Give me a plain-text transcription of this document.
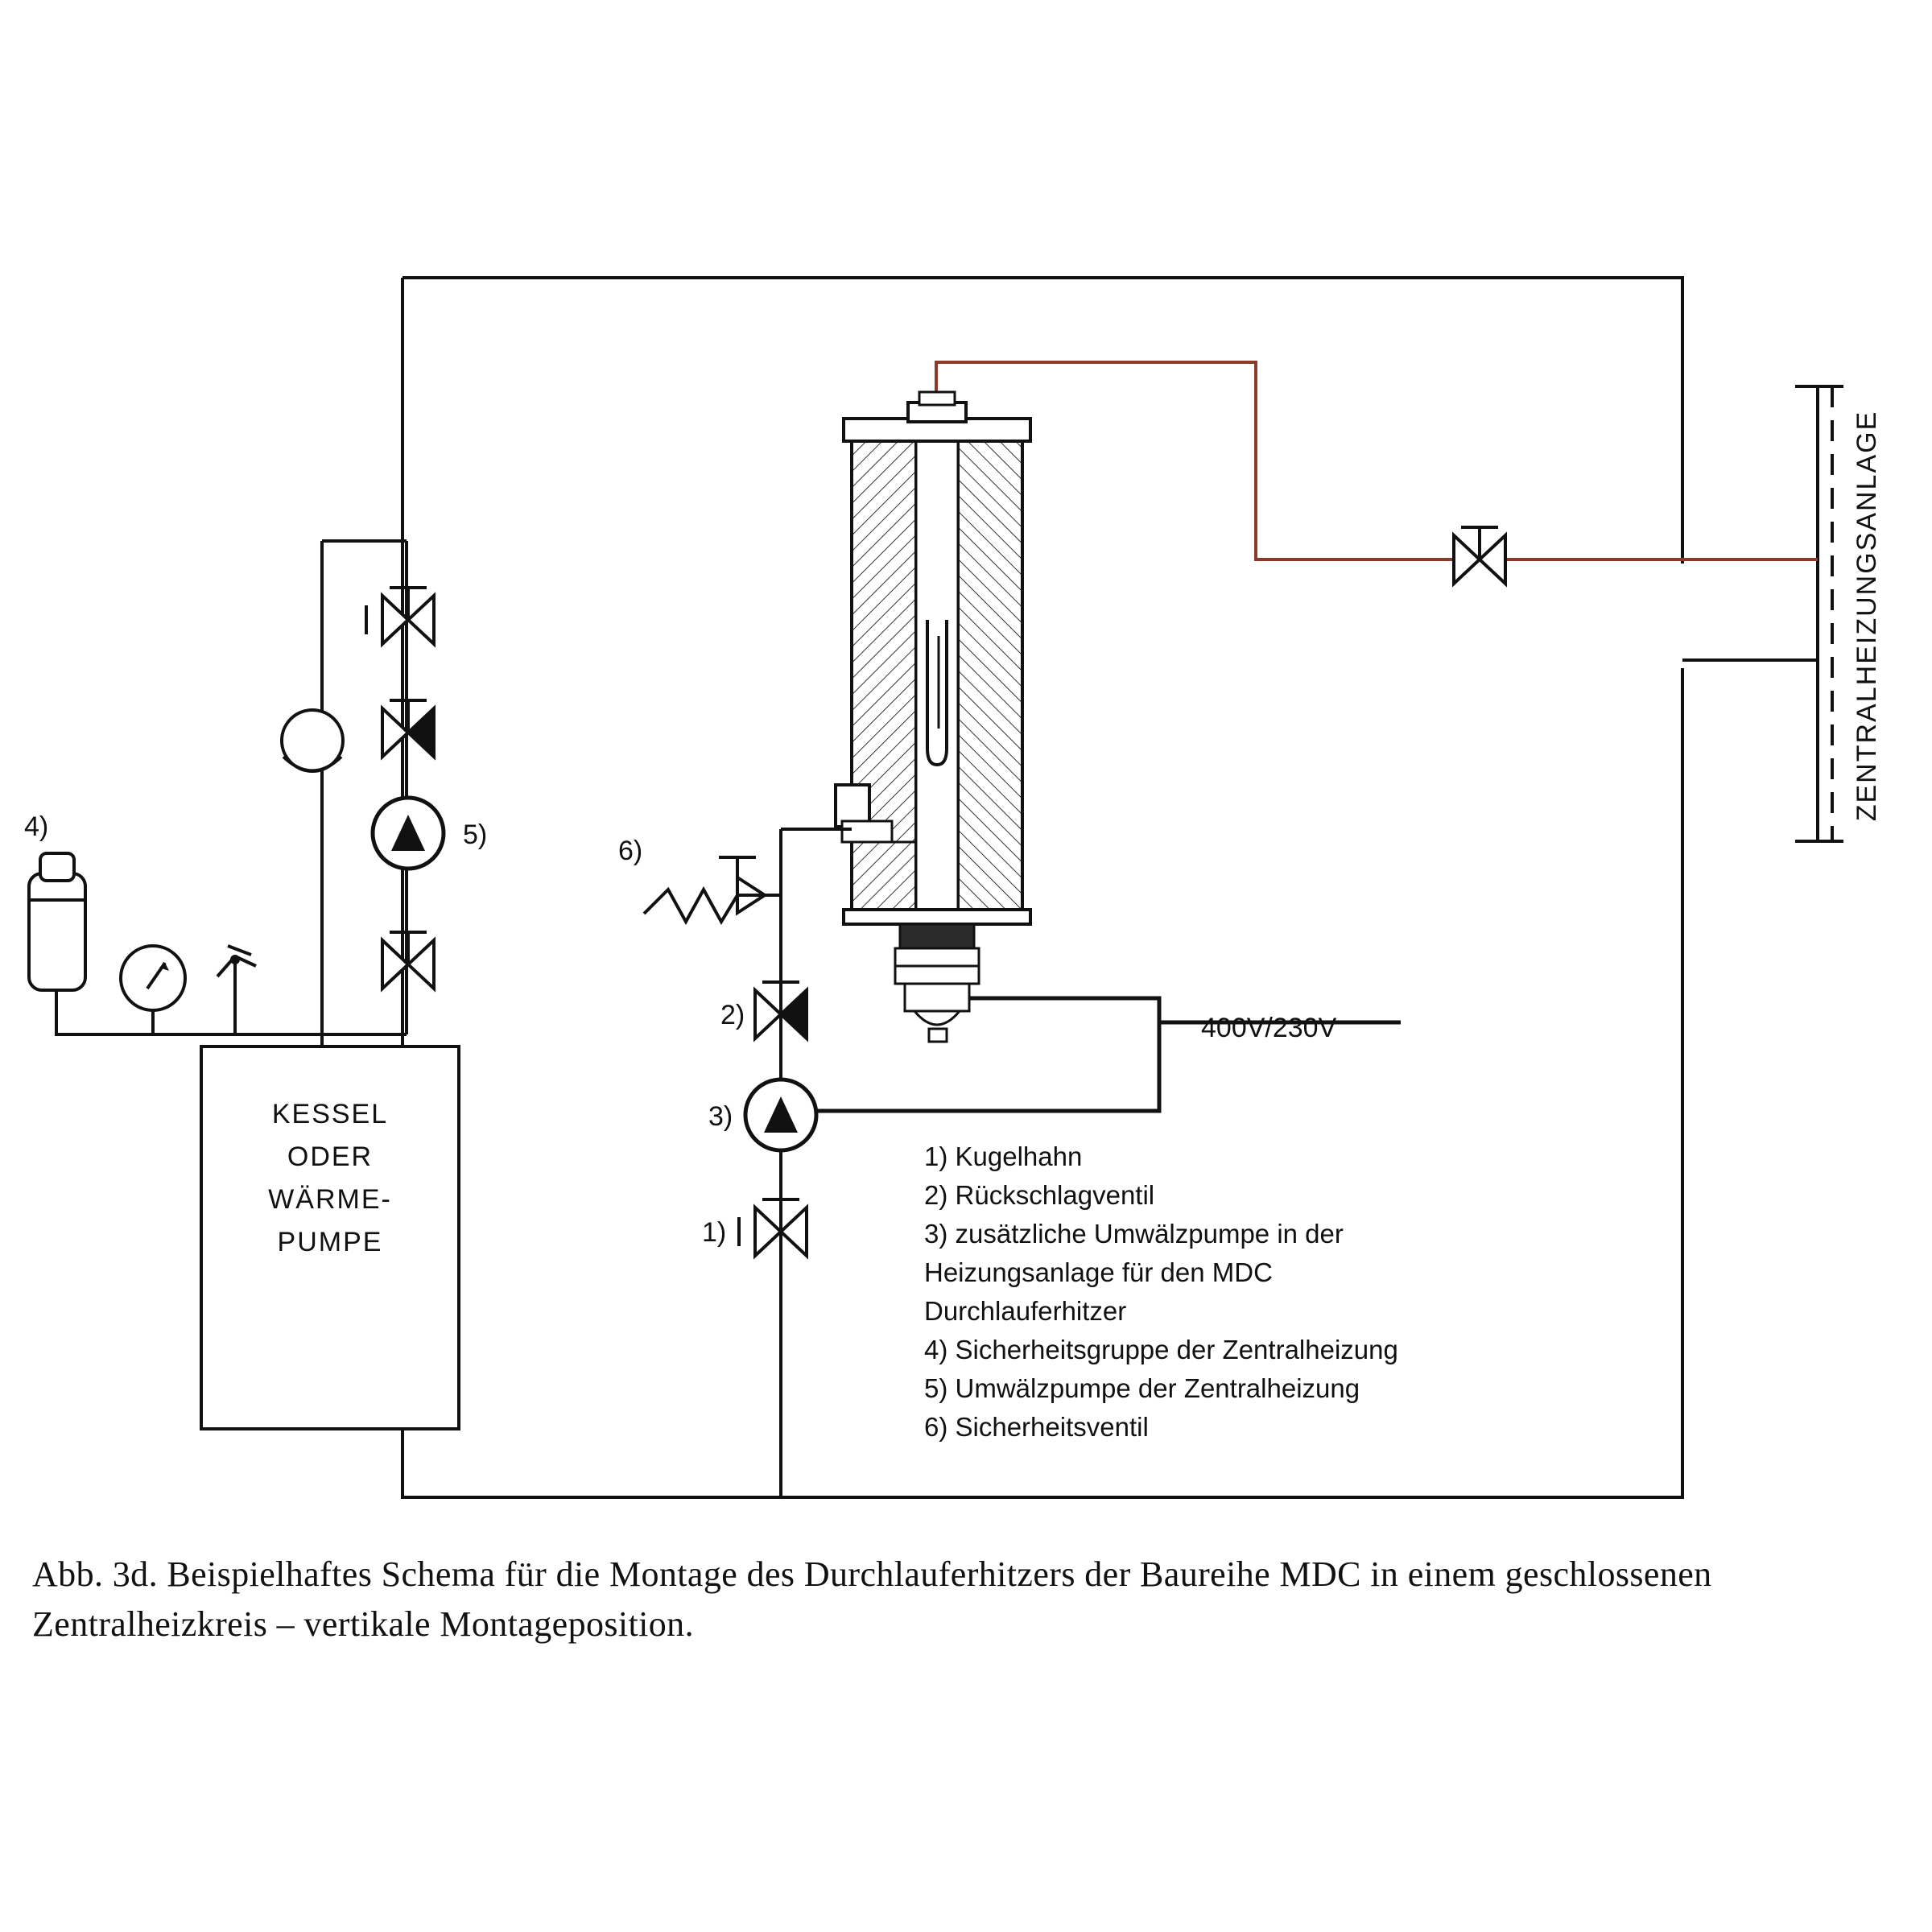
ZENTRALHEIZUNGSANLAGE
4)
KESSEL
ODER
WÄRME-
PUMPE
5)
400V/230V
6)
2)
3)
1)
1) Kugelhahn
2) Rückschlagventil
3) zusätzliche Umwälzpumpe in der
Heizungsanlage für den MDC
Durchlauferhitzer
4) Sicherheitsgruppe der Zentralheizung
5) Umwälzpumpe der Zentralheizung
6) Sicherheitsventil
Abb. 3d. Beispielhaftes Schema für die Montage des Durchlauferhitzers der Baureihe MDC in einem geschlossenen Zentralheizkreis – vertikale Montageposition.
